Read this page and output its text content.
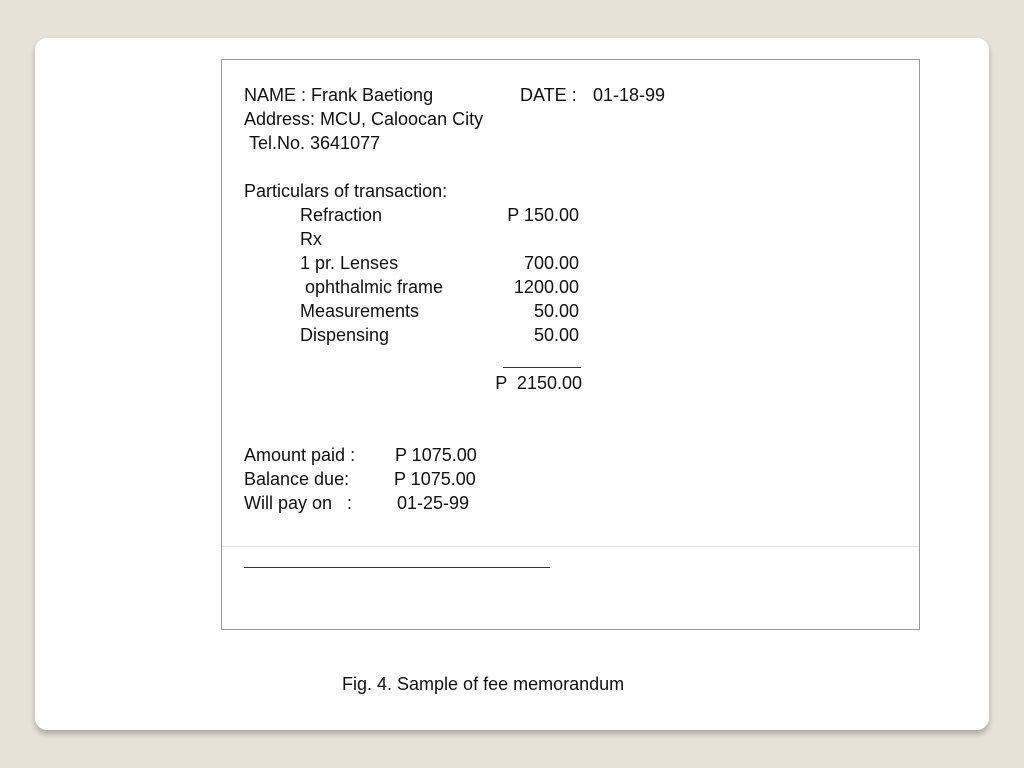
NAME : Frank Baetiong	DATE : 01-18-99
Address: MCU, Caloocan City
Tel.No. 3641077
Particulars of transaction:
Refraction	P 150.00
Rx
1 pr. Lenses	700.00
ophthalmic frame	1200.00
Measurements	50.00
Dispensing	50.00
P  2150.00
Amount paid : P 1075.00
Balance due: P 1075.00
Will pay on   : 01-25-99
Fig. 4. Sample of fee memorandum
